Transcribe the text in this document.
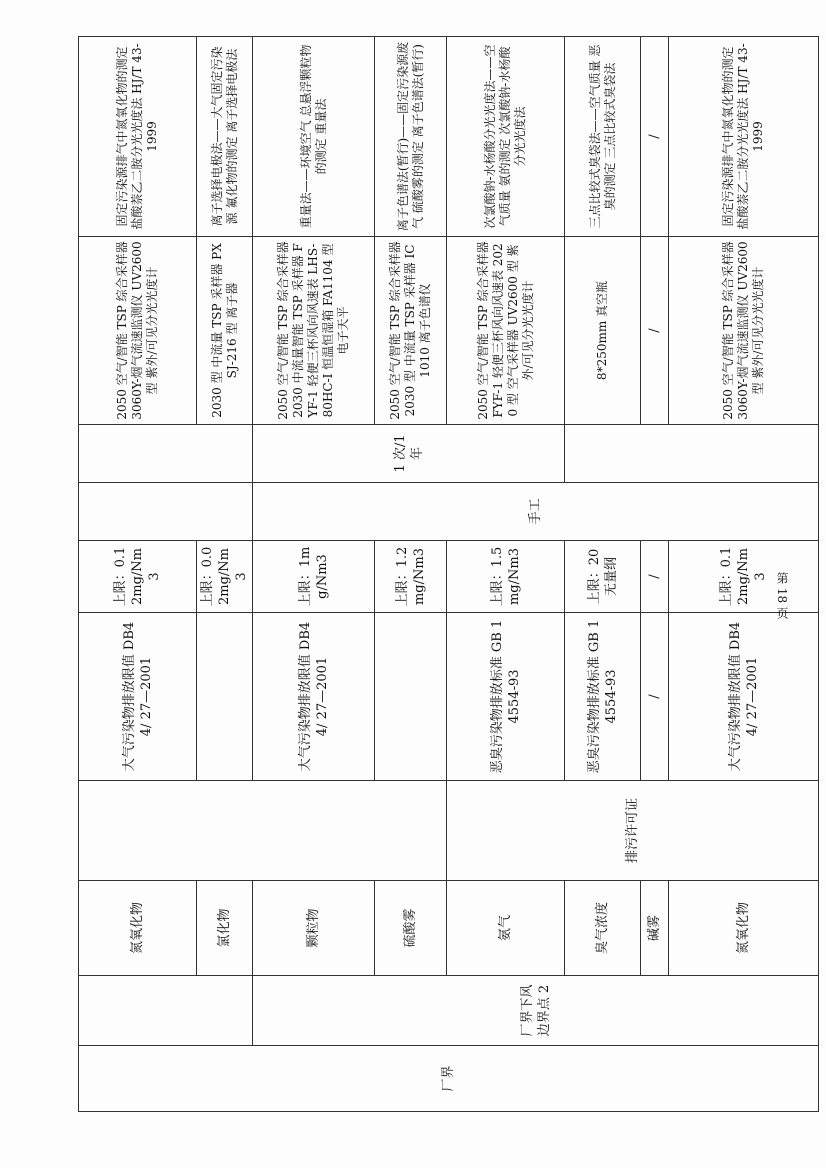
厂界		氮氧化物		大气污染物排放限值 DB44/ 27—2001	上限：0.12mg/Nm3			2050 空气/智能 TSP 综合采样器 3060Y-烟气流速监测仪 UV2600 型 紫外/可见分光光度计	固定污染源排气中氮氧化物的测定 盐酸萘乙二胺分光光度法 HJ/T 43-1999
		氯化物			上限：0.02mg/Nm3			2030 型 中流量 TSP 采样器 PXSJ-216 型 离子器	离子选择电极法——大气固定污染源 氟化物的测定 离子选择电极法
	厂界下风边界点 2	颗粒物		大气污染物排放限值 DB44/ 27—2001	上限：1mg/Nm3	手工	1 次/1 年	2050 空气/智能 TSP 综合采样器 2030 中流量智能 TSP 采样器 FYF-1 轻便三杯风向风速表 LHS-80HC-I 恒温恒湿箱 FA1104 型 电子天平	重量法——环境空气 总悬浮颗粒物的测定 重量法
		硫酸雾			上限：1.2mg/Nm3			2050 空气/智能 TSP 综合采样器 2030 型 中流量 TSP 采样器 IC1010 离子色谱仪	离子色谱法(暂行)——固定污染源废气 硫酸雾的测定 离子色谱法(暂行)
		氨气	排污许可证	恶臭污染物排放标准 GB 14554-93	上限：1.5mg/Nm3			2050 空气/智能 TSP 综合采样器 FYF-1 轻便三杯风向风速表 2020 型 空气采样器 UV2600 型 紫外/可见分光光度计	次氯酸钠-水杨酸分光光度法——空气质量 氨的测定 次氯酸钠-水杨酸分光光度法
		臭气浓度		恶臭污染物排放标准 GB 14554-93	上限：20 无量纲			8*250mm 真空瓶	三点比较式臭袋法——空气质量 恶臭的测定 三点比较式臭袋法
		碱雾		/	/			/	/
		氮氧化物		大气污染物排放限值 DB44/ 27—2001	上限：0.12mg/Nm3			2050 空气/智能 TSP 综合采样器 3060Y-烟气流速监测仪 UV2600 型 紫外/可见分光光度计	固定污染源排气中氮氧化物的测定 盐酸萘乙二胺分光光度法 HJ/T 43-1999
第 18 页
